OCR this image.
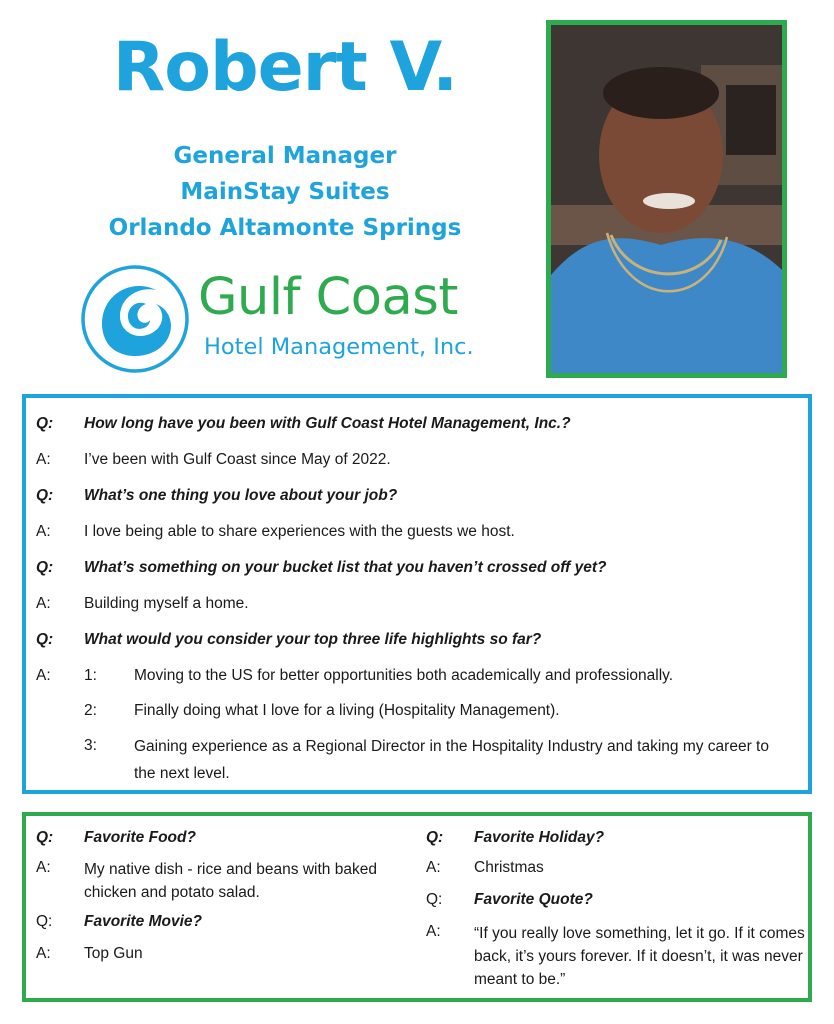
Robert V.
General Manager
MainStay Suites
Orlando Altamonte Springs
Gulf Coast
Hotel Management, Inc.
Q: How long have you been with Gulf Coast Hotel Management, Inc.?
A: I’ve been with Gulf Coast since May of 2022.
Q: What’s one thing you love about your job?
A: I love being able to share experiences with the guests we host.
Q: What’s something on your bucket list that you haven’t crossed off yet?
A: Building myself a home.
Q: What would you consider your top three life highlights so far?
A: 1: Moving to the US for better opportunities both academically and professionally.
2: Finally doing what I love for a living (Hospitality Management).
3: Gaining experience as a Regional Director in the Hospitality Industry and taking my career to the next level.
Q: Favorite Food?
A: My native dish - rice and beans with baked chicken and potato salad.
Q: Favorite Movie?
A: Top Gun
Q: Favorite Holiday?
A: Christmas
Q: Favorite Quote?
A: “If you really love something, let it go. If it comes back, it’s yours forever. If it doesn’t, it was never meant to be.”
